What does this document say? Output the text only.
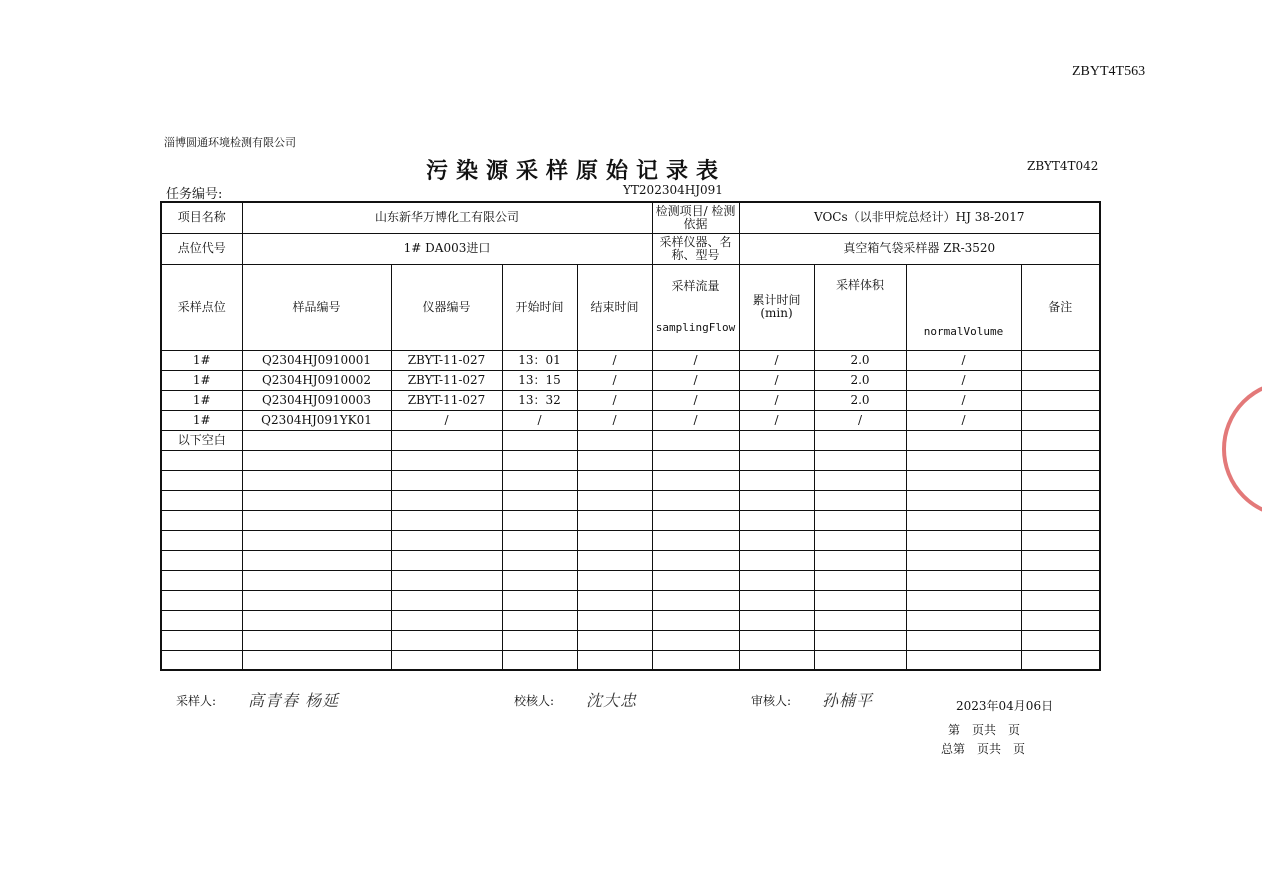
ZBYT4T563
淄博圆通环境检测有限公司
污染源采样原始记录表	ZBYT4T042
任务编号:	YT202304HJ091
项目名称	山东新华万博化工有限公司				检测项目/ 检测依据	VOCs（以非甲烷总烃计）HJ 38-2017			
点位代号	1# DA003进口				采样仪器、名称、型号	真空箱气袋采样器 ZR-3520			
采样点位	样品编号	仪器编号	开始时间	结束时间	采样流量
samplingFlow	累计时间 (min)	采样体积	normalVolume	备注
1#	Q2304HJ0910001	ZBYT-11-027	13：01	/	/	/	2.0	/	
1#	Q2304HJ0910002	ZBYT-11-027	13：15	/	/	/	2.0	/	
1#	Q2304HJ0910003	ZBYT-11-027	13：32	/	/	/	2.0	/	
1#	Q2304HJ091YK01	/	/	/	/	/	/	/	
以下空白									

采样人: 高青春 杨延	校核人: 沈大忠	审核人: 孙楠平	2023年04月06日
第　页共　页
总第　页共　页
